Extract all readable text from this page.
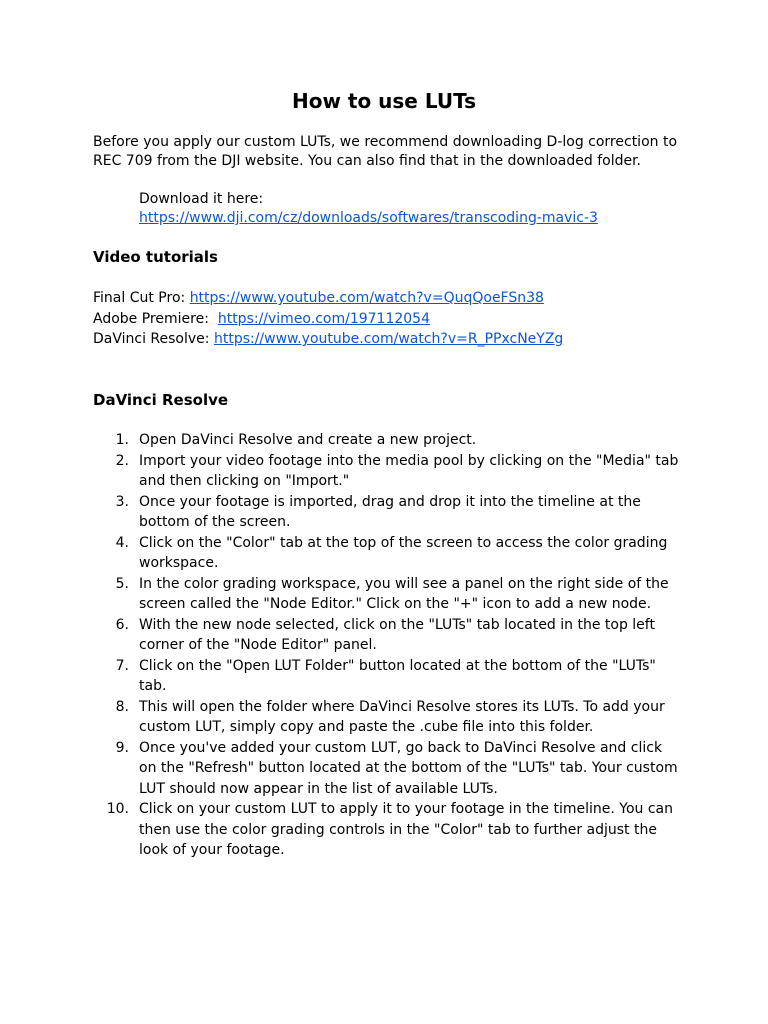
How to use LUTs

Before you apply our custom LUTs, we recommend downloading D-log correction to REC 709 from the DJI website. You can also find that in the downloaded folder.

Download it here:
https://www.dji.com/cz/downloads/softwares/transcoding-mavic-3
Video tutorials
Final Cut Pro: https://www.youtube.com/watch?v=QuqQoeFSn38
Adobe Premiere: https://vimeo.com/197112054
DaVinci Resolve: https://www.youtube.com/watch?v=R_PPxcNeYZg
DaVinci Resolve
1. Open DaVinci Resolve and create a new project.
2. Import your video footage into the media pool by clicking on the "Media" tab and then clicking on "Import."
3. Once your footage is imported, drag and drop it into the timeline at the bottom of the screen.
4. Click on the "Color" tab at the top of the screen to access the color grading workspace.
5. In the color grading workspace, you will see a panel on the right side of the screen called the "Node Editor." Click on the "+" icon to add a new node.
6. With the new node selected, click on the "LUTs" tab located in the top left corner of the "Node Editor" panel.
7. Click on the "Open LUT Folder" button located at the bottom of the "LUTs" tab.
8. This will open the folder where DaVinci Resolve stores its LUTs. To add your custom LUT, simply copy and paste the .cube file into this folder.
9. Once you've added your custom LUT, go back to DaVinci Resolve and click on the "Refresh" button located at the bottom of the "LUTs" tab. Your custom LUT should now appear in the list of available LUTs.
10. Click on your custom LUT to apply it to your footage in the timeline. You can then use the color grading controls in the "Color" tab to further adjust the look of your footage.
